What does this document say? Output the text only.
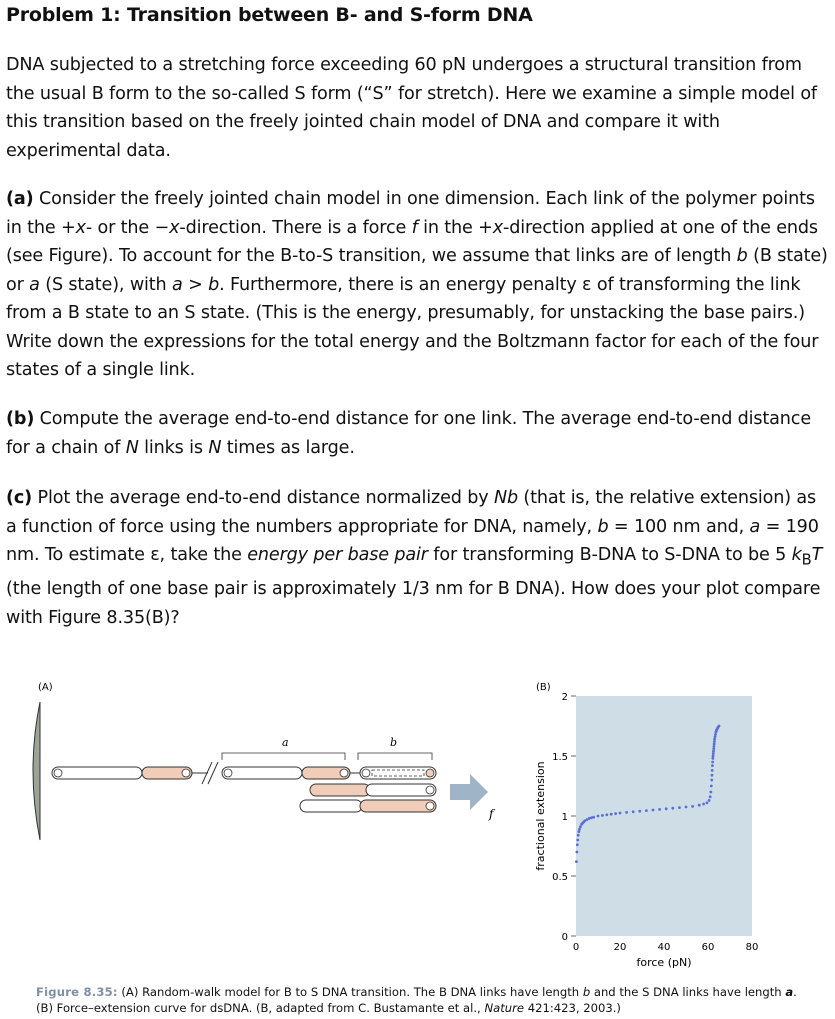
Problem 1: Transition between B- and S-form DNA

DNA subjected to a stretching force exceeding 60 pN undergoes a structural transition from the usual B form to the so-called S form (“S” for stretch). Here we examine a simple model of this transition based on the freely jointed chain model of DNA and compare it with experimental data.

(a) Consider the freely jointed chain model in one dimension. Each link of the polymer points in the +x- or the −x-direction. There is a force f in the +x-direction applied at one of the ends (see Figure). To account for the B-to-S transition, we assume that links are of length b (B state) or a (S state), with a > b. Furthermore, there is an energy penalty ε of transforming the link from a B state to an S state. (This is the energy, presumably, for unstacking the base pairs.) Write down the expressions for the total energy and the Boltzmann factor for each of the four states of a single link.

(b) Compute the average end-to-end distance for one link. The average end-to-end distance for a chain of N links is N times as large.

(c) Plot the average end-to-end distance normalized by Nb (that is, the relative extension) as a function of force using the numbers appropriate for DNA, namely, b = 100 nm and, a = 190 nm. To estimate ε, take the energy per base pair for transforming B-DNA to S-DNA to be 5 $k_BT$ (the length of one base pair is approximately 1/3 nm for B DNA). How does your plot compare with Figure 8.35(B)?

(A)
a	b
f
(B)
0
0.5
1
1.5
2
0	20	40	60	80
force (pN)
fractional extension
Figure 8.35: (A) Random-walk model for B to S DNA transition. The B DNA links have length b and the S DNA links have length a.
(B) Force–extension curve for dsDNA. (B, adapted from C. Bustamante et al., Nature 421:423, 2003.)
